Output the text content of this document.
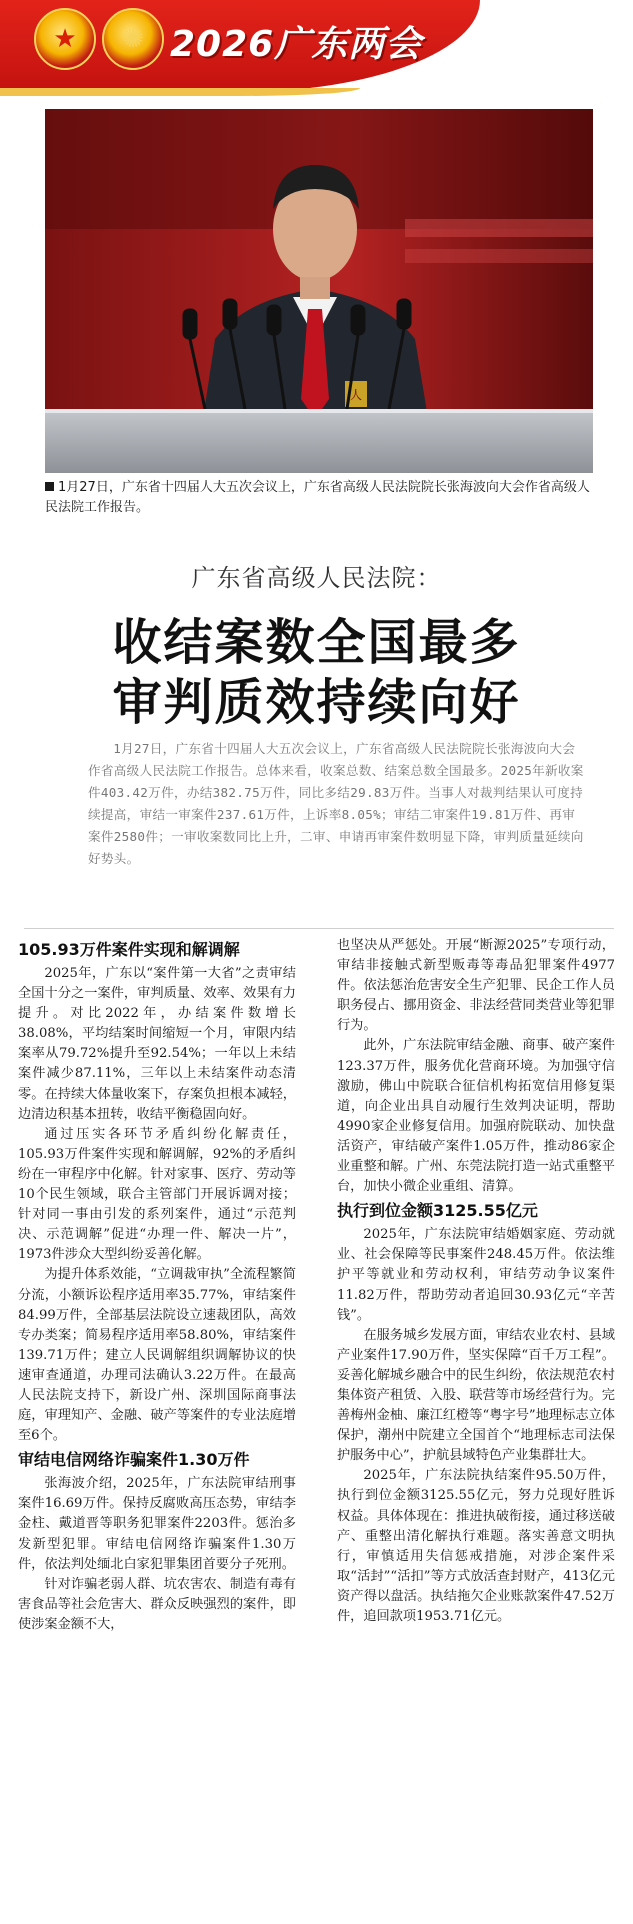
★	✺ 2026广东两会
人
1月27日，广东省十四届人大五次会议上，广东省高级人民法院院长张海波向大会作省高级人民法院工作报告。
广东省高级人民法院：
收结案数全国最多
审判质效持续向好
1月27日，广东省十四届人大五次会议上，广东省高级人民法院院长张海波向大会作省高级人民法院工作报告。总体来看，收案总数、结案总数全国最多。2025年新收案件403.42万件，办结382.75万件，同比多结29.83万件。当事人对裁判结果认可度持续提高，审结一审案件237.61万件，上诉率8.05%；审结二审案件19.81万件、再审案件2580件；一审收案数同比上升，二审、申请再审案件数明显下降，审判质量延续向好势头。
105.93万件案件实现和解调解

2025年，广东以“案件第一大省”之责审结全国十分之一案件，审判质量、效率、效果有力提升。对比2022年，办结案件数增长38.08%，平均结案时间缩短一个月，审限内结案率从79.72%提升至92.54%；一年以上未结案件减少87.11%，三年以上未结案件动态清零。在持续大体量收案下，存案负担根本减轻，边清边积基本扭转，收结平衡稳固向好。

通过压实各环节矛盾纠纷化解责任，105.93万件案件实现和解调解，92%的矛盾纠纷在一审程序中化解。针对家事、医疗、劳动等10个民生领域，联合主管部门开展诉调对接；针对同一事由引发的系列案件，通过“示范判决、示范调解”促进“办理一件、解决一片”，1973件涉众大型纠纷妥善化解。

为提升体系效能，“立调裁审执”全流程繁简分流，小额诉讼程序适用率35.77%，审结案件84.99万件，全部基层法院设立速裁团队，高效专办类案；简易程序适用率58.80%，审结案件139.71万件；建立人民调解组织调解协议的快速审查通道，办理司法确认3.22万件。在最高人民法院支持下，新设广州、深圳国际商事法庭，审理知产、金融、破产等案件的专业法庭增至6个。

审结电信网络诈骗案件1.30万件

张海波介绍，2025年，广东法院审结刑事案件16.69万件。保持反腐败高压态势，审结李金柱、戴道晋等职务犯罪案件2203件。惩治多发新型犯罪。审结电信网络诈骗案件1.30万件，依法判处缅北白家犯罪集团首要分子死刑。

针对诈骗老弱人群、坑农害农、制造有毒有害食品等社会危害大、群众反映强烈的案件，即使涉案金额不大，

也坚决从严惩处。开展“断源2025”专项行动，审结非接触式新型贩毒等毒品犯罪案件4977件。依法惩治危害安全生产犯罪、民企工作人员职务侵占、挪用资金、非法经营同类营业等犯罪行为。

此外，广东法院审结金融、商事、破产案件123.37万件，服务优化营商环境。为加强守信激励，佛山中院联合征信机构拓宽信用修复渠道，向企业出具自动履行生效判决证明，帮助4990家企业修复信用。加强府院联动、加快盘活资产，审结破产案件1.05万件，推动86家企业重整和解。广州、东莞法院打造一站式重整平台，加快小微企业重组、清算。

执行到位金额3125.55亿元

2025年，广东法院审结婚姻家庭、劳动就业、社会保障等民事案件248.45万件。依法维护平等就业和劳动权利，审结劳动争议案件11.82万件，帮助劳动者追回30.93亿元“辛苦钱”。

在服务城乡发展方面，审结农业农村、县域产业案件17.90万件，坚实保障“百千万工程”。妥善化解城乡融合中的民生纠纷，依法规范农村集体资产租赁、入股、联营等市场经营行为。完善梅州金柚、廉江红橙等“粤字号”地理标志立体保护，潮州中院建立全国首个“地理标志司法保护服务中心”，护航县域特色产业集群壮大。

2025年，广东法院执结案件95.50万件，执行到位金额3125.55亿元，努力兑现好胜诉权益。具体体现在：推进执破衔接，通过移送破产、重整出清化解执行难题。落实善意文明执行，审慎适用失信惩戒措施，对涉企案件采取“活封”“活扣”等方式放活查封财产，413亿元资产得以盘活。执结拖欠企业账款案件47.52万件，追回款项1953.71亿元。
